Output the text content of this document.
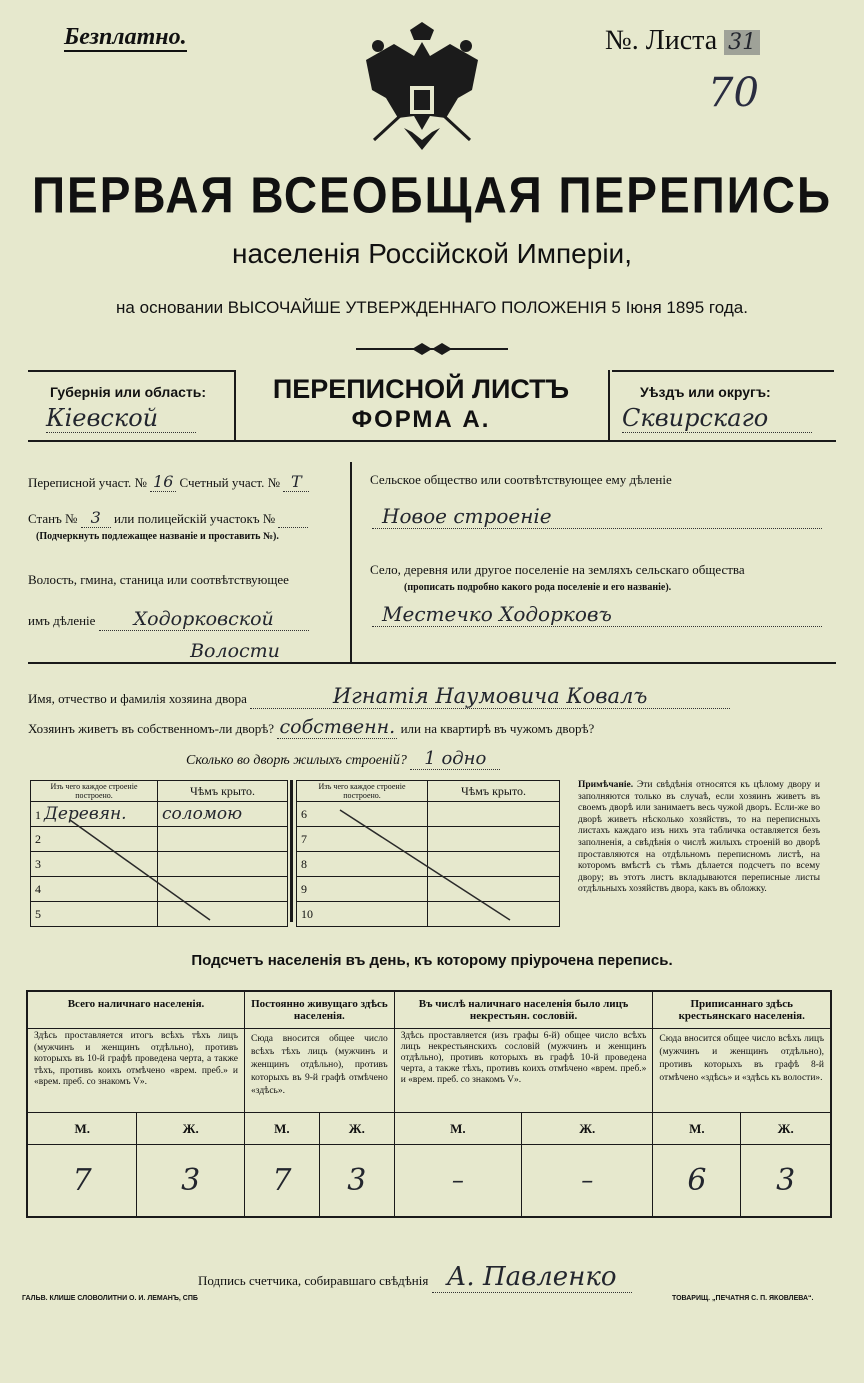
Безплатно.	№. Листа 31
70
ПЕРВАЯ ВСЕОБЩАЯ ПЕРЕПИСЬ
населенія Россійской Имперіи,
на основании ВЫСОЧАЙШЕ УТВЕРЖДЕННАГО ПОЛОЖЕНІЯ 5 Іюня 1895 года.
Губернія или область:
Кіевской
ПЕРЕПИСНОЙ ЛИСТЪ
ФОРМА А.
Уѣздъ или округъ:
Сквирскаго
Переписной участ. № 16 Счетный участ. № Т
Станъ № 3 или полицейскій участокъ №
(Подчеркнуть подлежащее названіе и проставить №).
Волость, гмина, станица или соотвѣтствующее
имъ дѣленіе Ходорковской
Волости
Сельское общество или соотвѣтствующее ему дѣленіе
Новое строеніе
Село, деревня или другое поселеніе на земляхъ сельскаго общества
(прописать подробно какого рода поселеніе и его названіе).
Местечко Ходорковъ
Имя, отчество и фамилія хозяина двора	Игнатія Наумовича Ковалъ
Хозяинъ живетъ въ собственномъ-ли дворѣ? собственн. или на квартирѣ въ чужомъ дворѣ?
Сколько во дворѣ жилыхъ строеній? 1 одно
Изъ чего каждое строеніе построено.	Чѣмъ крыто.
1 Деревян.	соломою
2	
3	
4	
5	
Изъ чего каждое строеніе построено.	Чѣмъ крыто.
6	
7	
8	
9	
10	
Примѣчаніе. Эти свѣдѣнія относятся къ цѣлому двору и заполняются только въ случаѣ, если хозяинъ живетъ въ своемъ дворѣ или занимаетъ весь чужой дворъ. Если-же во дворѣ живетъ нѣсколько хозяйствъ, то на переписныхъ листахъ каждаго изъ нихъ эта табличка оставляется безъ заполненія, а свѣдѣнія о числѣ жилыхъ строеній во дворѣ проставляются на отдѣльномъ переписномъ листѣ, на которомъ вмѣстѣ съ тѣмъ дѣлается подсчетъ по всему двору; въ этотъ листъ вкладываются переписные листы отдѣльныхъ хозяйствъ двора, какъ въ обложку.
Подсчетъ населенія въ день, къ которому пріурочена перепись.
Всего наличнаго населенія.		Постоянно живущаго здѣсь населенія.		Въ числѣ наличнаго населенія было лицъ некрестьян. сословій.		Приписаннаго здѣсь крестьянскаго населенія.	
Здѣсь проставляется итогъ всѣхъ тѣхъ лицъ (мужчинъ и женщинъ отдѣльно), противъ которыхъ въ 10-й графѣ проведена черта, а также тѣхъ, противъ коихъ отмѣчено «врем. преб.» и «врем. преб. со знакомъ V».		Сюда вносится общее число всѣхъ тѣхъ лицъ (мужчинъ и женщинъ отдѣльно), противъ которыхъ въ 9-й графѣ отмѣчено «здѣсь».		Здѣсь проставляется (изъ графы 6-й) общее число всѣхъ лицъ некрестьянскихъ сословій (мужчинъ и женщинъ отдѣльно), противъ которыхъ въ графѣ 10-й проведена черта, а также тѣхъ, противъ коихъ отмѣчено «врем. преб.» и «врем. преб. со знакомъ V».		Сюда вносится общее число всѣхъ лицъ (мужчинъ и женщинъ отдѣльно), противъ которыхъ въ графѣ 8-й отмѣчено «здѣсь» и «здѣсь къ волости».	
М.	Ж.	М.	Ж.	М.	Ж.	М.	Ж.
7	3	7	3	–	–	6	3
Подпись счетчика, собиравшаго свѣдѣнія А. Павленко
ГАЛЬВ. КЛИШЕ СЛОВОЛИТНИ О. И. ЛЕМАНЪ, СПБ	ТОВАРИЩ. „ПЕЧАТНЯ С. П. ЯКОВЛЕВА“.
